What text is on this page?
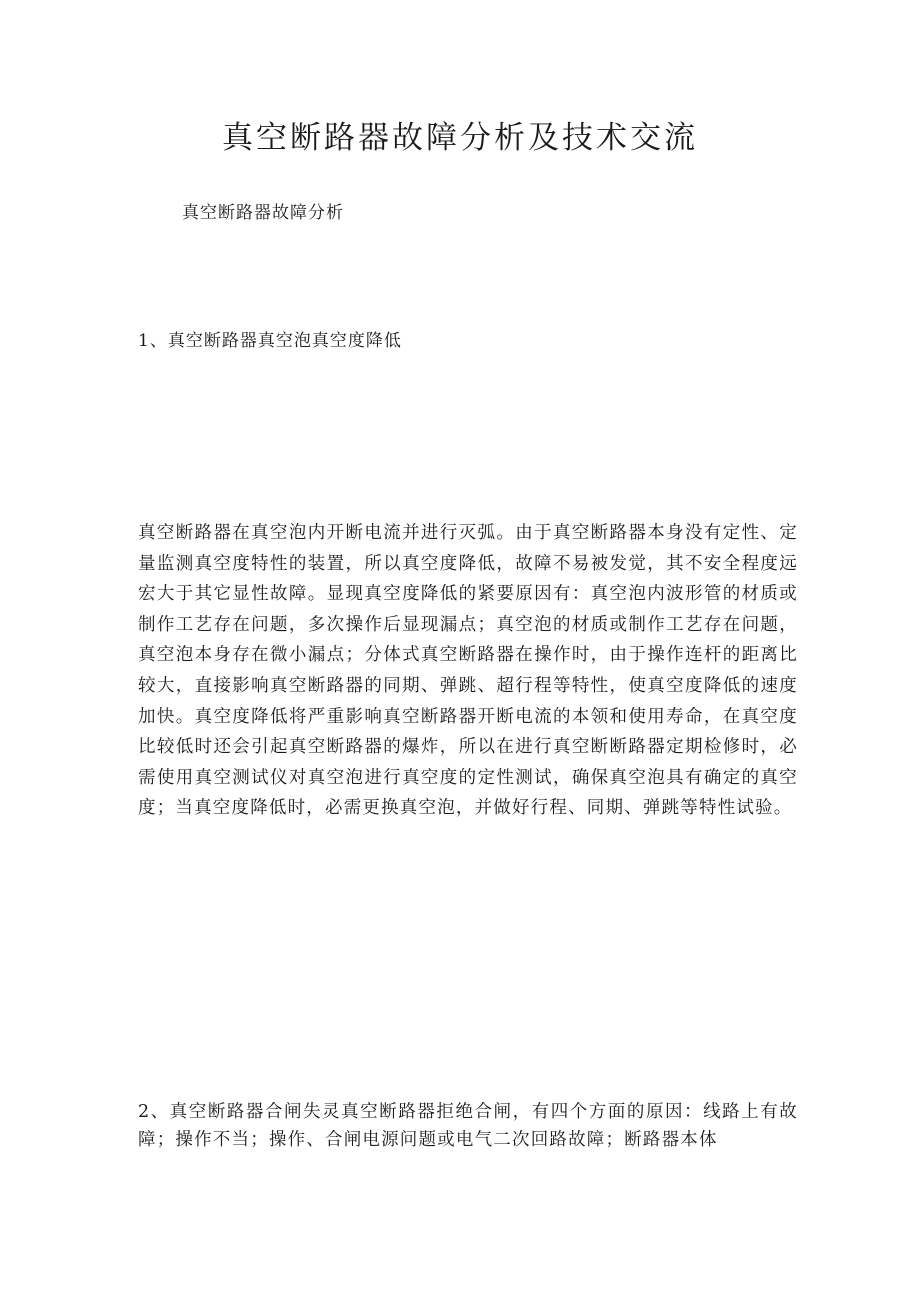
真空断路器故障分析及技术交流

真空断路器故障分析

1、真空断路器真空泡真空度降低

真空断路器在真空泡内开断电流并进行灭弧。由于真空断路器本身没有定性、定量监测真空度特性的装置，所以真空度降低，故障不易被发觉，其不安全程度远宏大于其它显性故障。显现真空度降低的紧要原因有：真空泡内波形管的材质或制作工艺存在问题，多次操作后显现漏点；真空泡的材质或制作工艺存在问题，真空泡本身存在微小漏点；分体式真空断路器在操作时，由于操作连杆的距离比较大，直接影响真空断路器的同期、弹跳、超行程等特性，使真空度降低的速度加快。真空度降低将严重影响真空断路器开断电流的本领和使用寿命，在真空度比较低时还会引起真空断路器的爆炸，所以在进行真空断断路器定期检修时，必需使用真空测试仪对真空泡进行真空度的定性测试，确保真空泡具有确定的真空度；当真空度降低时，必需更换真空泡，并做好行程、同期、弹跳等特性试验。

2、真空断路器合闸失灵真空断路器拒绝合闸，有四个方面的原因：线路上有故障；操作不当；操作、合闸电源问题或电气二次回路故障；断路器本体
